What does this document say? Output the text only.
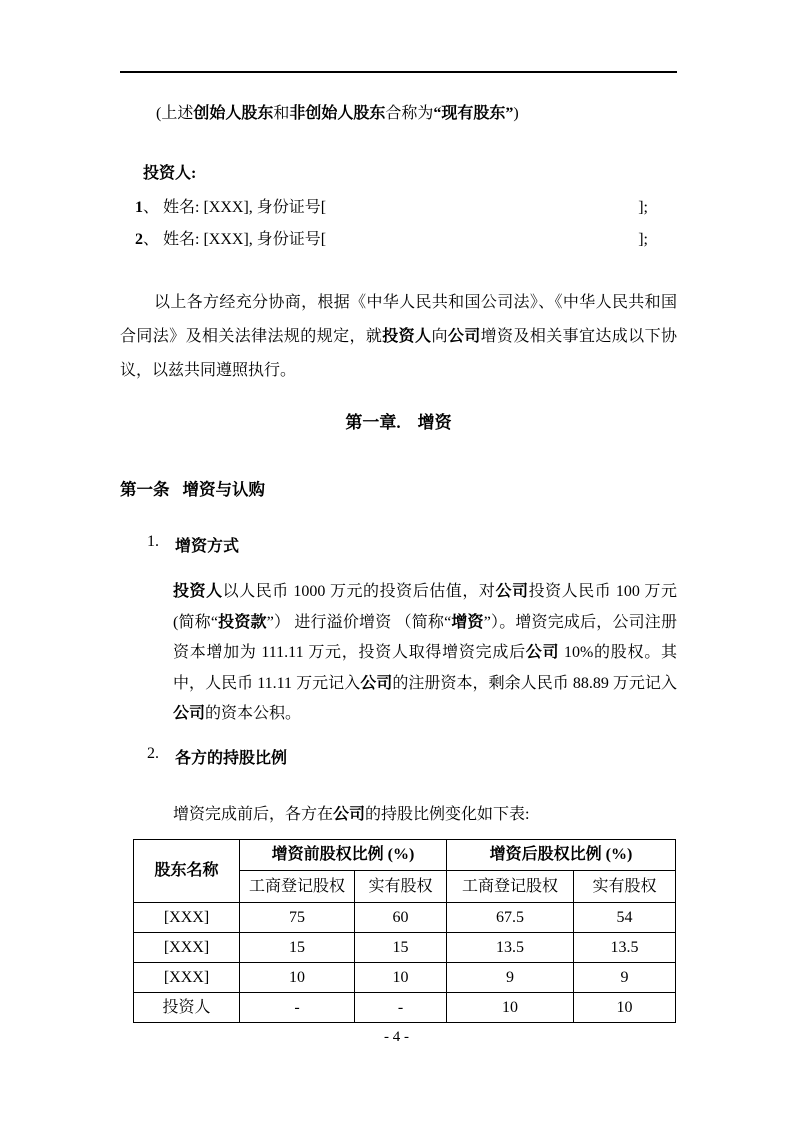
(上述创始人股东和非创始人股东合称为“现有股东”)

投资人:

1、 姓名: [XXX], 身份证号[	];
2、 姓名: [XXX], 身份证号[	];

以上各方经充分协商，根据《中华人民共和国公司法》、《中华人民共和国合同法》及相关法律法规的规定，就投资人向公司增资及相关事宜达成以下协议，以兹共同遵照执行。

第一章.　增资
第一条 增资与认购
1. 增资方式

投资人以人民币 1000 万元的投资后估值，对公司投资人民币 100 万元(简称“投资款”） 进行溢价增资 （简称“增资”）。增资完成后，公司注册资本增加为 111.11 万元，投资人取得增资完成后公司 10%的股权。其中，人民币 11.11 万元记入公司的注册资本，剩余人民币 88.89 万元记入公司的资本公积。

2. 各方的持股比例

增资完成前后，各方在公司的持股比例变化如下表:

股东名称	增资前股权比例 (%)		增资后股权比例 (%)	
	工商登记股权	实有股权	工商登记股权	实有股权
[XXX]	75	60	67.5	54
[XXX]	15	15	13.5	13.5
[XXX]	10	10	9	9
投资人	-	-	10	10

- 4 -
